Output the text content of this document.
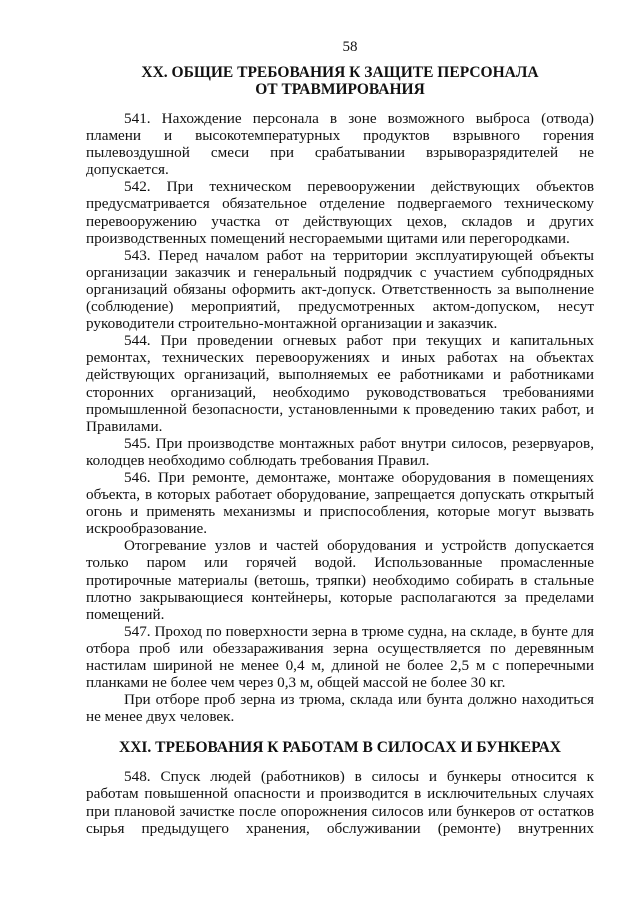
58
XX. ОБЩИЕ ТРЕБОВАНИЯ К ЗАЩИТЕ ПЕРСОНАЛА
ОТ ТРАВМИРОВАНИЯ

541. Нахождение персонала в зоне возможного выброса (отвода) пламени и высокотемпературных продуктов взрывного горения пылевоздушной смеси при срабатывании взрыворазрядителей не допускается.

542. При техническом перевооружении действующих объектов предусматривается обязательное отделение подвергаемого техническому перевооружению участка от действующих цехов, складов и других производственных помещений несгораемыми щитами или перегородками.

543. Перед началом работ на территории эксплуатирующей объекты организации заказчик и генеральный подрядчик с участием субподрядных организаций обязаны оформить акт-допуск. Ответственность за выполнение (соблюдение) мероприятий, предусмотренных актом-допуском, несут руководители строительно-монтажной организации и заказчик.

544. При проведении огневых работ при текущих и капитальных ремонтах, технических перевооружениях и иных работах на объектах действующих организаций, выполняемых ее работниками и работниками сторонних организаций, необходимо руководствоваться требованиями промышленной безопасности, установленными к проведению таких работ, и Правилами.

545. При производстве монтажных работ внутри силосов, резервуаров, колодцев необходимо соблюдать требования Правил.

546. При ремонте, демонтаже, монтаже оборудования в помещениях объекта, в которых работает оборудование, запрещается допускать открытый огонь и применять механизмы и приспособления, которые могут вызвать искрообразование.

Отогревание узлов и частей оборудования и устройств допускается только паром или горячей водой. Использованные промасленные протирочные материалы (ветошь, тряпки) необходимо собирать в стальные плотно закрывающиеся контейнеры, которые располагаются за пределами помещений.

547. Проход по поверхности зерна в трюме судна, на складе, в бунте для отбора проб или обеззараживания зерна осуществляется по деревянным настилам шириной не менее 0,4 м, длиной не более 2,5 м с поперечными планками не более чем через 0,3 м, общей массой не более 30 кг.

При отборе проб зерна из трюма, склада или бунта должно находиться не менее двух человек.

XXI. ТРЕБОВАНИЯ К РАБОТАМ В СИЛОСАХ И БУНКЕРАХ

548. Спуск людей (работников) в силосы и бункеры относится к работам повышенной опасности и производится в исключительных случаях при плановой зачистке после опорожнения силосов или бункеров от остатков сырья предыдущего хранения, обслуживании (ремонте) внутренних
